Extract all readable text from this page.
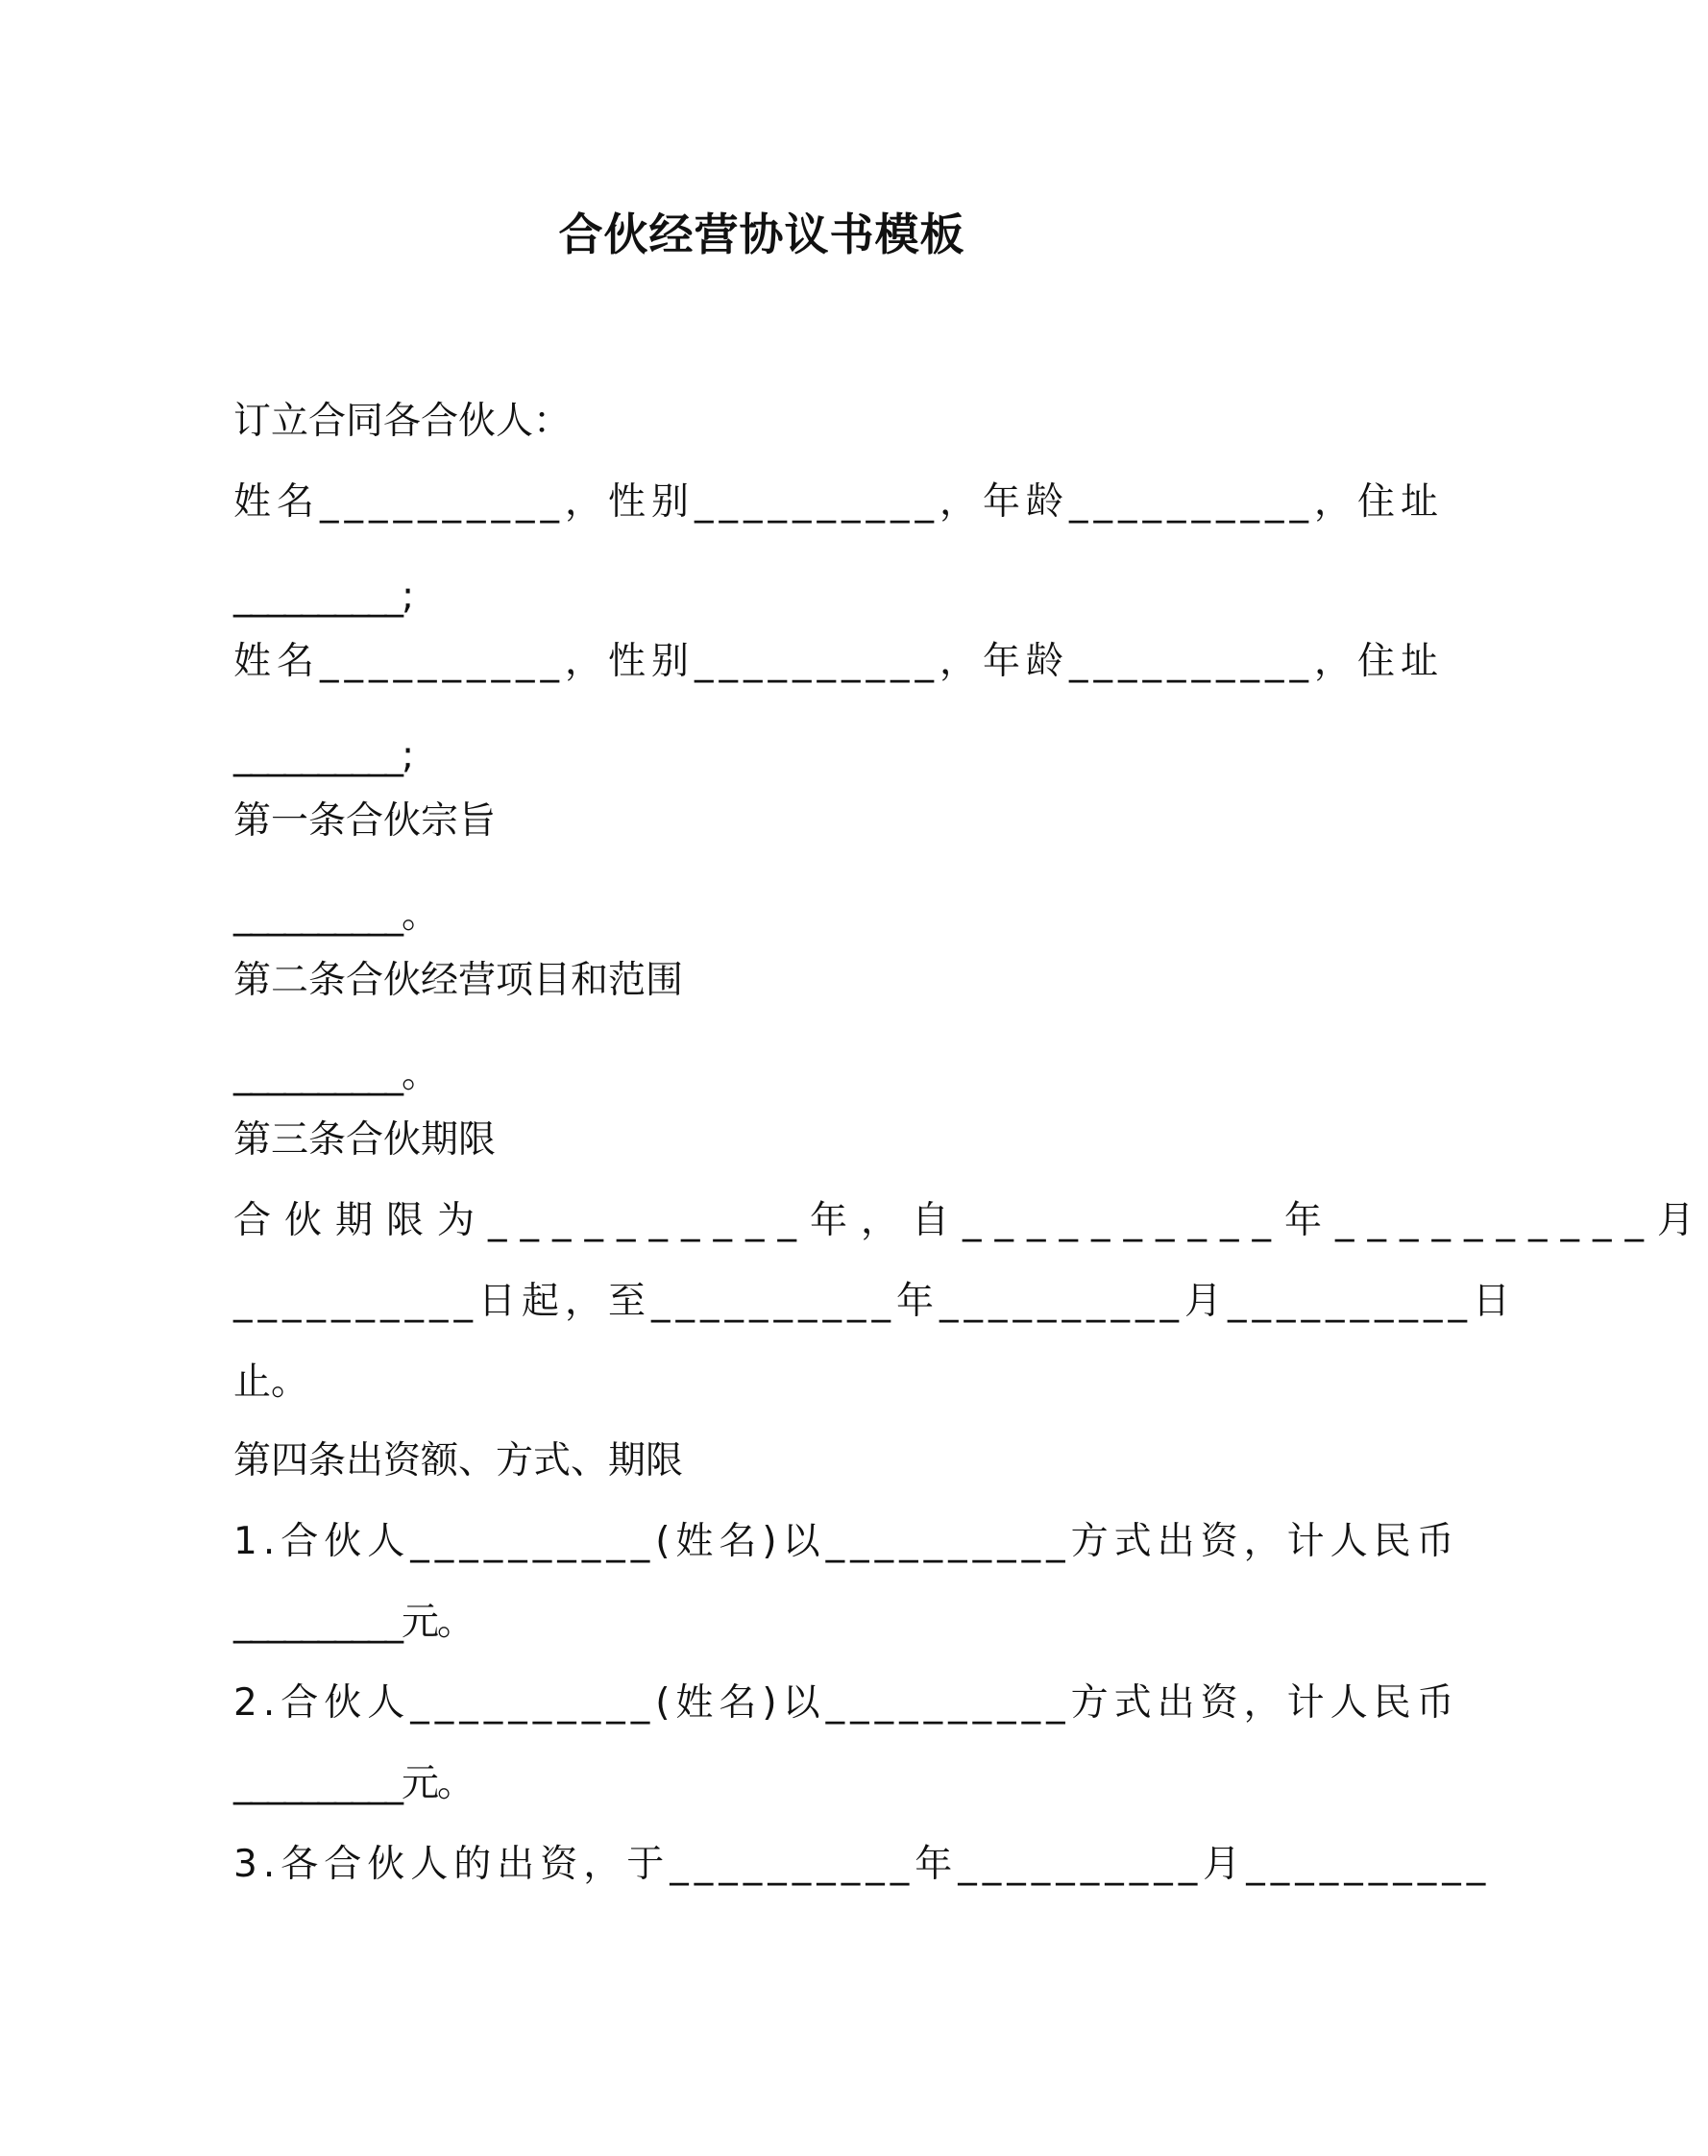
合伙经营协议书模板
订立合同各合伙人：
姓名__________，性别__________，年龄__________，住址
__________;
姓名__________，性别__________，年龄__________，住址
__________;
第一条合伙宗旨
__________。
第二条合伙经营项目和范围
__________。
第三条合伙期限
合伙期限为__________年，自__________年__________月
__________日起，至__________年__________月__________日
止。
第四条出资额、方式、期限
1.合伙人__________(姓名)以__________方式出资，计人民币
__________元。
2.合伙人__________(姓名)以__________方式出资，计人民币
__________元。
3.各合伙人的出资，于__________年__________月__________
